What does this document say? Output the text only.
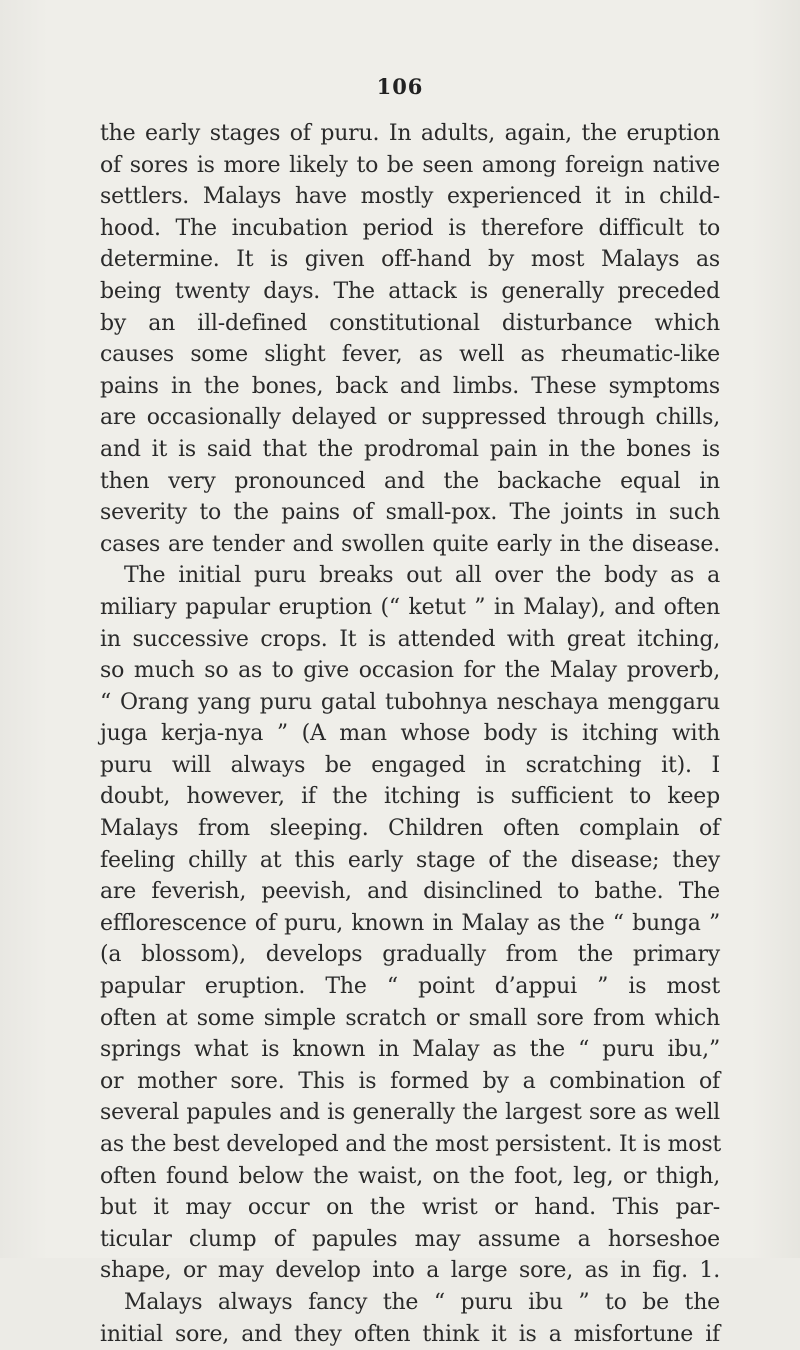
106
the early stages of puru. In adults, again, the eruption
of sores is more likely to be seen among foreign native
settlers. Malays have mostly experienced it in child-
hood. The incubation period is therefore difficult to
determine. It is given off-hand by most Malays as
being twenty days. The attack is generally preceded
by an ill-defined constitutional disturbance which
causes some slight fever, as well as rheumatic-like
pains in the bones, back and limbs. These symptoms
are occasionally delayed or suppressed through chills,
and it is said that the prodromal pain in the bones is
then very pronounced and the backache equal in
severity to the pains of small-pox. The joints in such
cases are tender and swollen quite early in the disease.
The initial puru breaks out all over the body as a
miliary papular eruption (“ ketut ” in Malay), and often
in successive crops. It is attended with great itching,
so much so as to give occasion for the Malay proverb,
“ Orang yang puru gatal tubohnya neschaya menggaru
juga kerja-nya ” (A man whose body is itching with
puru will always be engaged in scratching it). I
doubt, however, if the itching is sufficient to keep
Malays from sleeping. Children often complain of
feeling chilly at this early stage of the disease; they
are feverish, peevish, and disinclined to bathe. The
efflorescence of puru, known in Malay as the “ bunga ”
(a blossom), develops gradually from the primary
papular eruption. The “ point d’appui ” is most
often at some simple scratch or small sore from which
springs what is known in Malay as the “ puru ibu,”
or mother sore. This is formed by a combination of
several papules and is generally the largest sore as well
as the best developed and the most persistent. It is most
often found below the waist, on the foot, leg, or thigh,
but it may occur on the wrist or hand. This par-
ticular clump of papules may assume a horseshoe
shape, or may develop into a large sore, as in fig. 1.
Malays always fancy the “ puru ibu ” to be the
initial sore, and they often think it is a misfortune if
